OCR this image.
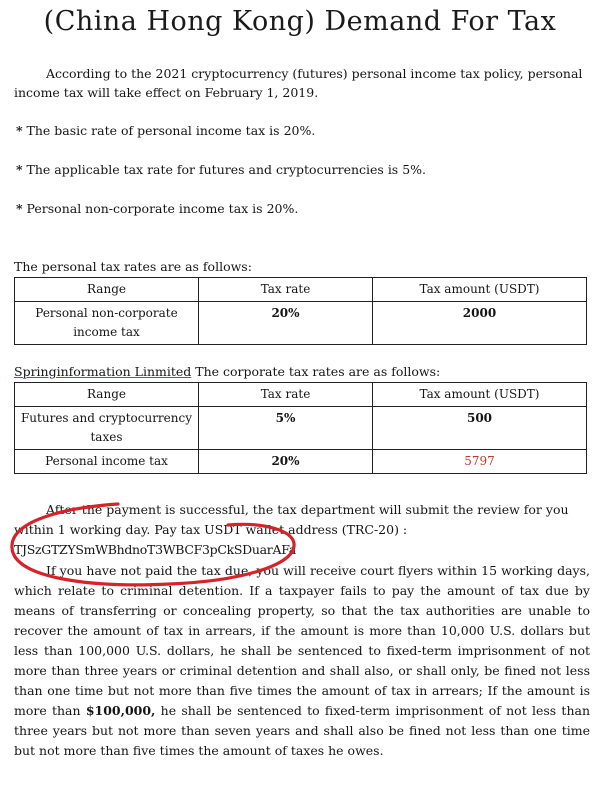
(China Hong Kong) Demand For Tax
According to the 2021 cryptocurrency (futures) personal income tax policy, personal income tax will take effect on February 1, 2019.
* The basic rate of personal income tax is 20%.
* The applicable tax rate for futures and cryptocurrencies is 5%.
* Personal non-corporate income tax is 20%.
The personal tax rates are as follows:
Range	Tax rate	Tax amount (USDT)
Personal non-corporate income tax	20%	2000
Springinformation Linmited The corporate tax rates are as follows:
Range	Tax rate	Tax amount (USDT)
Futures and cryptocurrency taxes	5%	500
Personal income tax	20%	5797
After the payment is successful, the tax department will submit the review for you within 1 working day. Pay tax USDT wallet address (TRC-20) :
TJSzGTZYSmWBhdnoT3WBCF3pCkSDuarAFa
If you have not paid the tax due, you will receive court flyers within 15 working days, which relate to criminal detention. If a taxpayer fails to pay the amount of tax due by means of transferring or concealing property, so that the tax authorities are unable to recover the amount of tax in arrears, if the amount is more than 10,000 U.S. dollars but less than 100,000 U.S. dollars, he shall be sentenced to fixed-term imprisonment of not more than three years or criminal detention and shall also, or shall only, be fined not less than one time but not more than five times the amount of tax in arrears; If the amount is more than $100,000, he shall be sentenced to fixed-term imprisonment of not less than three years but not more than seven years and shall also be fined not less than one time but not more than five times the amount of taxes he owes.
